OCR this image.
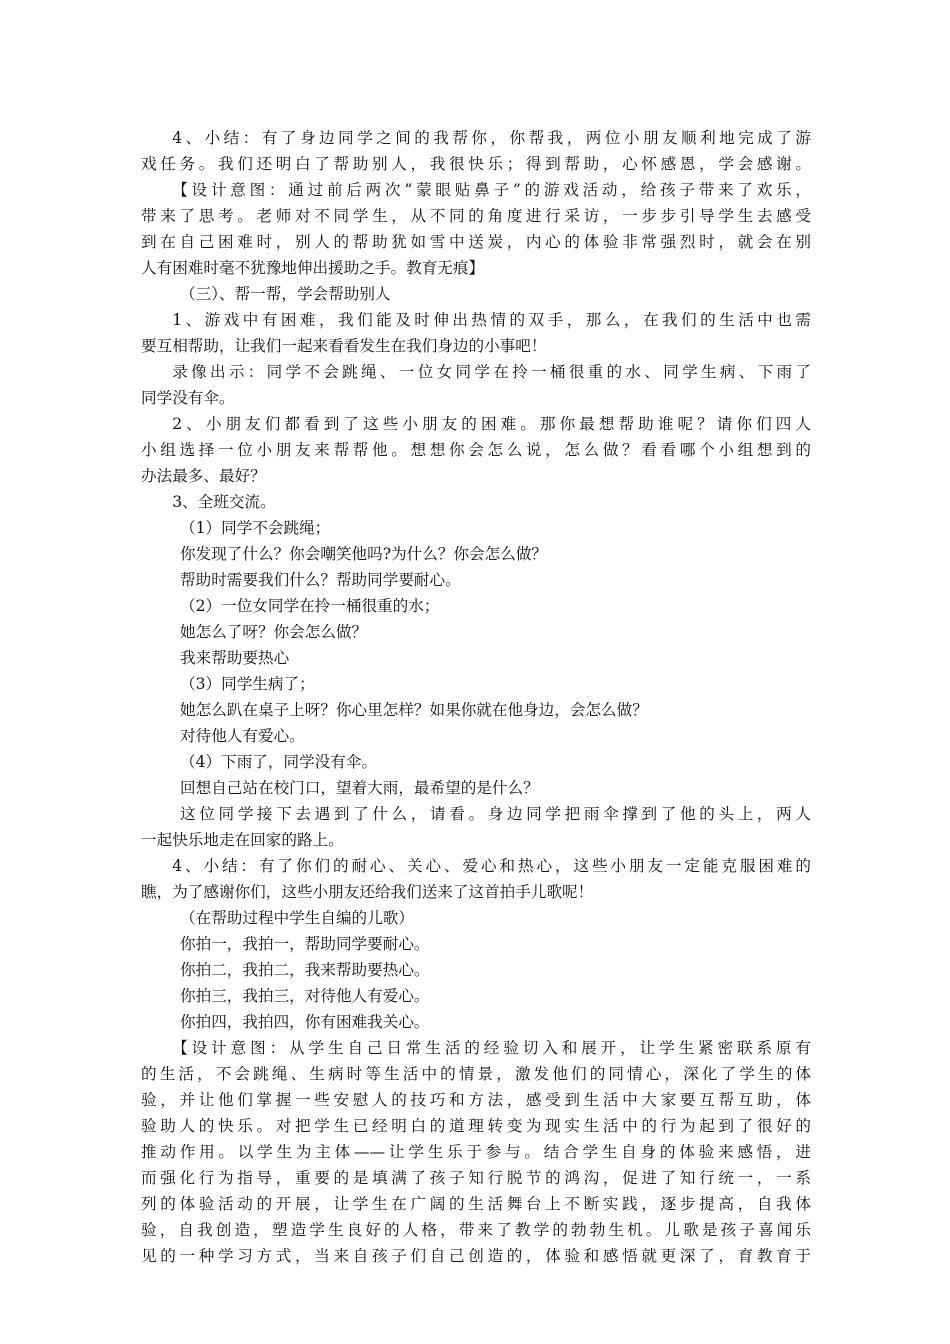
4、小结：有了身边同学之间的我帮你，你帮我，两位小朋友顺利地完成了游
戏任务。我们还明白了帮助别人，我很快乐；得到帮助，心怀感恩，学会感谢。
【设计意图：通过前后两次“蒙眼贴鼻子”的游戏活动，给孩子带来了欢乐，
带来了思考。老师对不同学生，从不同的角度进行采访，一步步引导学生去感受
到在自己困难时，别人的帮助犹如雪中送炭，内心的体验非常强烈时，就会在别
人有困难时毫不犹豫地伸出援助之手。教育无痕】
（三）、帮一帮，学会帮助别人
1、游戏中有困难，我们能及时伸出热情的双手，那么，在我们的生活中也需
要互相帮助，让我们一起来看看发生在我们身边的小事吧！
录像出示：同学不会跳绳、一位女同学在拎一桶很重的水、同学生病、下雨了
同学没有伞。
2、小朋友们都看到了这些小朋友的困难。那你最想帮助谁呢？请你们四人
小组选择一位小朋友来帮帮他。想想你会怎么说，怎么做？看看哪个小组想到的
办法最多、最好？
3、全班交流。
（1）同学不会跳绳；
你发现了什么？你会嘲笑他吗?为什么？你会怎么做？
帮助时需要我们什么？帮助同学要耐心。
（2）一位女同学在拎一桶很重的水；
她怎么了呀？你会怎么做？
我来帮助要热心
（3）同学生病了；
她怎么趴在桌子上呀？你心里怎样？如果你就在他身边，会怎么做？
对待他人有爱心。
（4）下雨了，同学没有伞。
回想自己站在校门口，望着大雨，最希望的是什么？
这位同学接下去遇到了什么，请看。身边同学把雨伞撑到了他的头上，两人
一起快乐地走在回家的路上。
4、小结：有了你们的耐心、关心、爱心和热心，这些小朋友一定能克服困难的
瞧，为了感谢你们，这些小朋友还给我们送来了这首拍手儿歌呢！
（在帮助过程中学生自编的儿歌）
你拍一，我拍一，帮助同学要耐心。
你拍二，我拍二，我来帮助要热心。
你拍三，我拍三，对待他人有爱心。
你拍四，我拍四，你有困难我关心。
【设计意图：从学生自己日常生活的经验切入和展开，让学生紧密联系原有
的生活，不会跳绳、生病时等生活中的情景，激发他们的同情心，深化了学生的体
验，并让他们掌握一些安慰人的技巧和方法，感受到生活中大家要互帮互助，体
验助人的快乐。对把学生已经明白的道理转变为现实生活中的行为起到了很好的
推动作用。以学生为主体——让学生乐于参与。结合学生自身的体验来感悟，进
而强化行为指导，重要的是填满了孩子知行脱节的鸿沟，促进了知行统一，一系
列的体验活动的开展，让学生在广阔的生活舞台上不断实践，逐步提高，自我体
验，自我创造，塑造学生良好的人格，带来了教学的勃勃生机。儿歌是孩子喜闻乐
见的一种学习方式，当来自孩子们自己创造的，体验和感悟就更深了，育教育于
